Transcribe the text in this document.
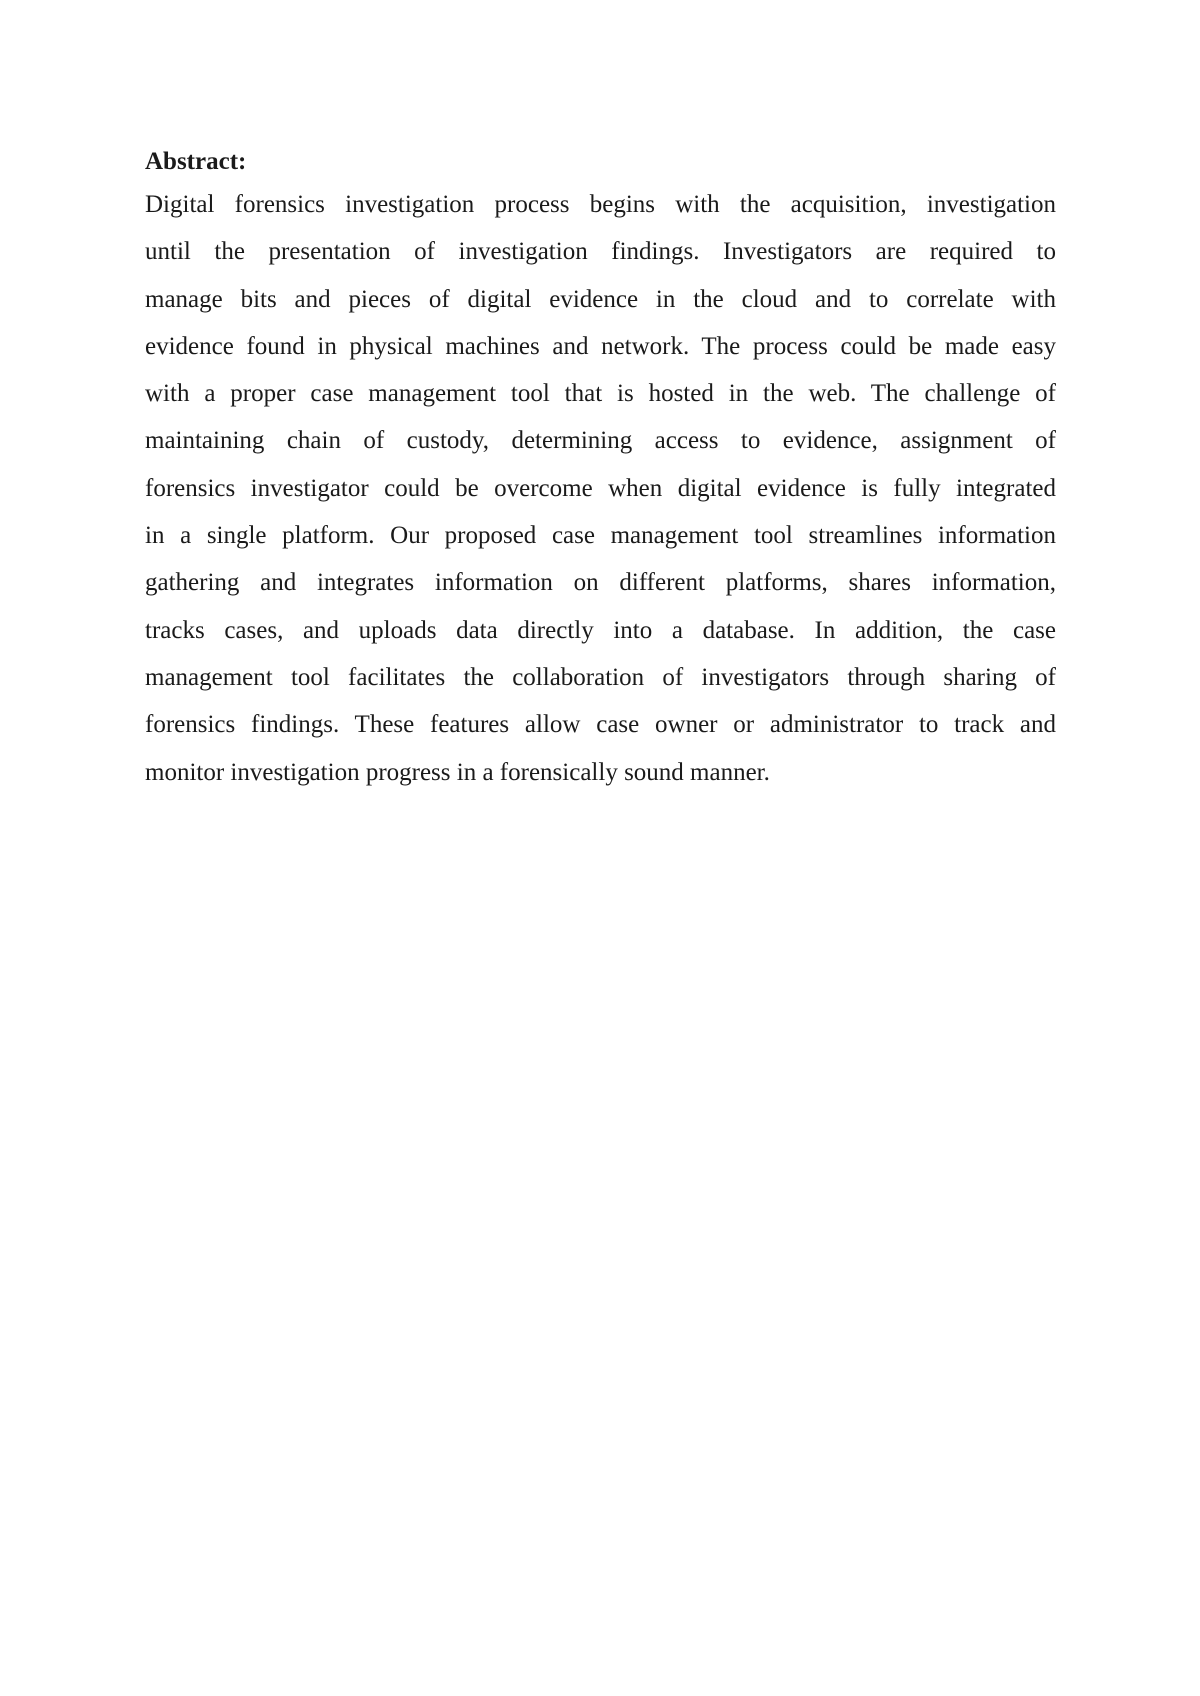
Abstract:
Digital forensics investigation process begins with the acquisition, investigation
until the presentation of investigation findings. Investigators are required to
manage bits and pieces of digital evidence in the cloud and to correlate with
evidence found in physical machines and network. The process could be made easy
with a proper case management tool that is hosted in the web. The challenge of
maintaining chain of custody, determining access to evidence, assignment of
forensics investigator could be overcome when digital evidence is fully integrated
in a single platform. Our proposed case management tool streamlines information
gathering and integrates information on different platforms, shares information,
tracks cases, and uploads data directly into a database. In addition, the case
management tool facilitates the collaboration of investigators through sharing of
forensics findings. These features allow case owner or administrator to track and
monitor investigation progress in a forensically sound manner.
